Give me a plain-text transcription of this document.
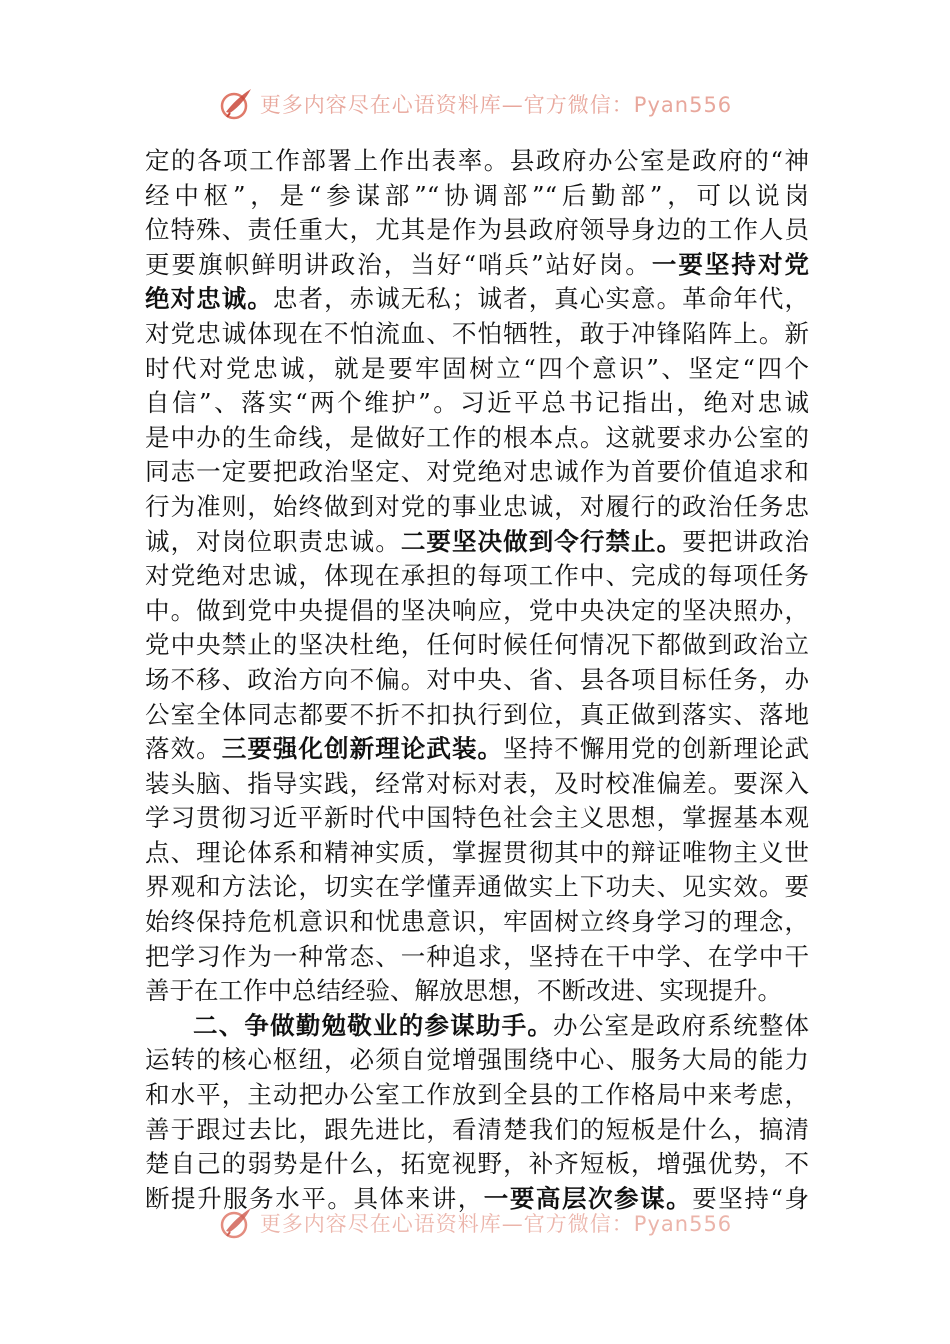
更多内容尽在心语资料库—官方微信：Pyan556
定的各项工作部署上作出表率。县政府办公室是政府的“神
经中枢”，是“参谋部”“协调部”“后勤部”，可以说岗
位特殊、责任重大，尤其是作为县政府领导身边的工作人员
更要旗帜鲜明讲政治，当好“哨兵”站好岗。一要坚持对党
绝对忠诚。忠者，赤诚无私；诚者，真心实意。革命年代，
对党忠诚体现在不怕流血、不怕牺牲，敢于冲锋陷阵上。新
时代对党忠诚，就是要牢固树立“四个意识”、坚定“四个
自信”、落实“两个维护”。习近平总书记指出，绝对忠诚
是中办的生命线，是做好工作的根本点。这就要求办公室的
同志一定要把政治坚定、对党绝对忠诚作为首要价值追求和
行为准则，始终做到对党的事业忠诚，对履行的政治任务忠
诚，对岗位职责忠诚。二要坚决做到令行禁止。要把讲政治
对党绝对忠诚，体现在承担的每项工作中、完成的每项任务
中。做到党中央提倡的坚决响应，党中央决定的坚决照办，
党中央禁止的坚决杜绝，任何时候任何情况下都做到政治立
场不移、政治方向不偏。对中央、省、县各项目标任务，办
公室全体同志都要不折不扣执行到位，真正做到落实、落地
落效。三要强化创新理论武装。坚持不懈用党的创新理论武
装头脑、指导实践，经常对标对表，及时校准偏差。要深入
学习贯彻习近平新时代中国特色社会主义思想，掌握基本观
点、理论体系和精神实质，掌握贯彻其中的辩证唯物主义世
界观和方法论，切实在学懂弄通做实上下功夫、见实效。要
始终保持危机意识和忧患意识，牢固树立终身学习的理念，
把学习作为一种常态、一种追求，坚持在干中学、在学中干
善于在工作中总结经验、解放思想，不断改进、实现提升。
二、争做勤勉敬业的参谋助手。办公室是政府系统整体
运转的核心枢纽，必须自觉增强围绕中心、服务大局的能力
和水平，主动把办公室工作放到全县的工作格局中来考虑，
善于跟过去比，跟先进比，看清楚我们的短板是什么，搞清
楚自己的弱势是什么，拓宽视野，补齐短板，增强优势，不
断提升服务水平。具体来讲，一要高层次参谋。要坚持“身
更多内容尽在心语资料库—官方微信：Pyan556
